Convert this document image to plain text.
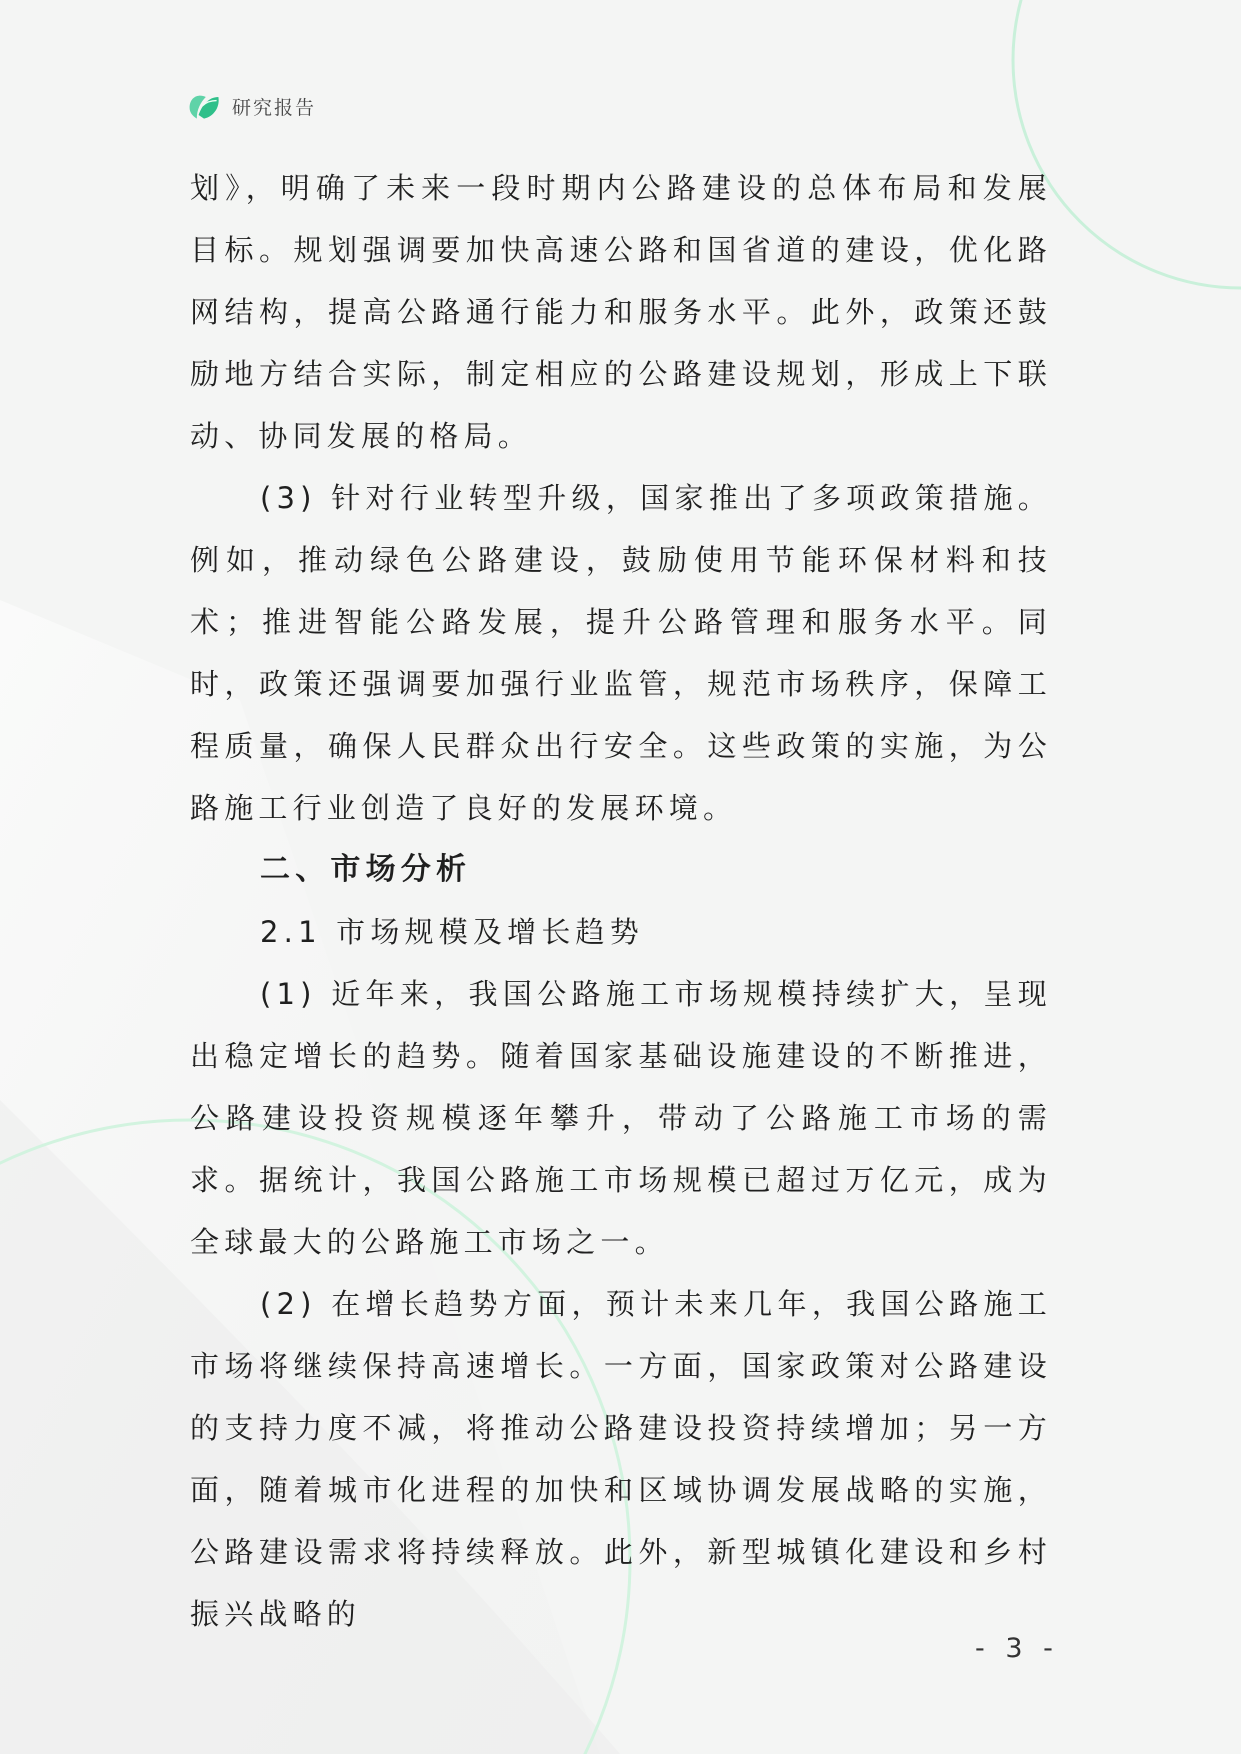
研究报告

划》，明确了未来一段时期内公路建设的总体布局和发展目标。规划强调要加快高速公路和国省道的建设，优化路网结构，提高公路通行能力和服务水平。此外，政策还鼓励地方结合实际，制定相应的公路建设规划，形成上下联动、协同发展的格局。

(3) 针对行业转型升级，国家推出了多项政策措施。例如，推动绿色公路建设，鼓励使用节能环保材料和技术；推进智能公路发展，提升公路管理和服务水平。同时，政策还强调要加强行业监管，规范市场秩序，保障工程质量，确保人民群众出行安全。这些政策的实施，为公路施工行业创造了良好的发展环境。

二、市场分析

2.1 市场规模及增长趋势

(1) 近年来，我国公路施工市场规模持续扩大，呈现出稳定增长的趋势。随着国家基础设施建设的不断推进，公路建设投资规模逐年攀升，带动了公路施工市场的需求。据统计，我国公路施工市场规模已超过万亿元，成为全球最大的公路施工市场之一。

(2) 在增长趋势方面，预计未来几年，我国公路施工市场将继续保持高速增长。一方面，国家政策对公路建设的支持力度不减，将推动公路建设投资持续增加；另一方面，随着城市化进程的加快和区域协调发展战略的实施，公路建设需求将持续释放。此外，新型城镇化建设和乡村振兴战略的

- 3 -
